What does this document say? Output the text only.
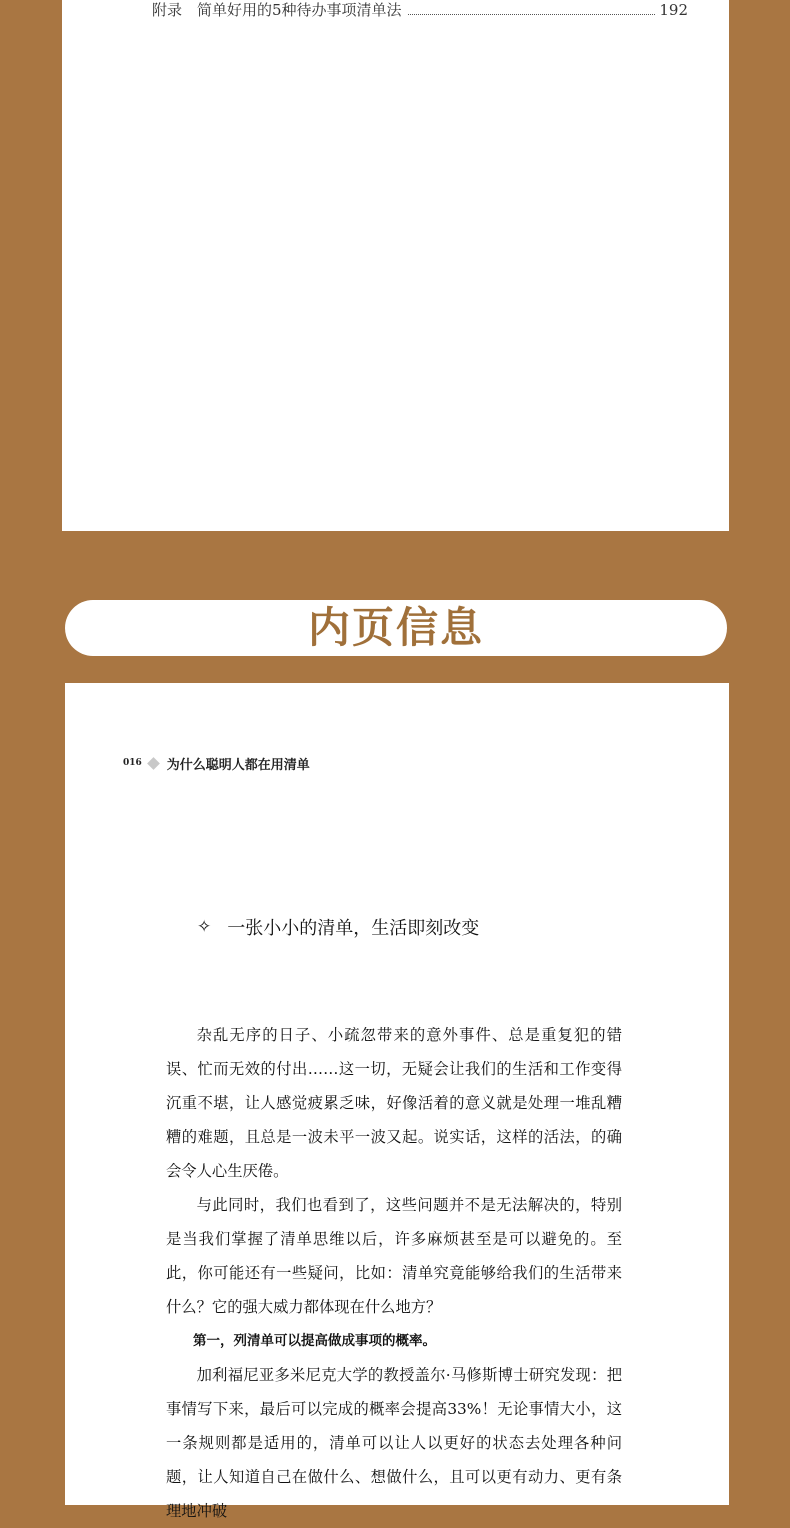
附录　简单好用的5种待办事项清单法	192
内页信息
016 为什么聪明人都在用清单
✧ 一张小小的清单，生活即刻改变

杂乱无序的日子、小疏忽带来的意外事件、总是重复犯的错误、忙而无效的付出……这一切，无疑会让我们的生活和工作变得沉重不堪，让人感觉疲累乏味，好像活着的意义就是处理一堆乱糟糟的难题，且总是一波未平一波又起。说实话，这样的活法，的确会令人心生厌倦。

与此同时，我们也看到了，这些问题并不是无法解决的，特别是当我们掌握了清单思维以后，许多麻烦甚至是可以避免的。至此，你可能还有一些疑问，比如：清单究竟能够给我们的生活带来什么？它的强大威力都体现在什么地方？

第一，列清单可以提高做成事项的概率。

加利福尼亚多米尼克大学的教授盖尔·马修斯博士研究发现：把事情写下来，最后可以完成的概率会提高33%！无论事情大小，这一条规则都是适用的，清单可以让人以更好的状态去处理各种问题，让人知道自己在做什么、想做什么，且可以更有动力、更有条理地冲破
